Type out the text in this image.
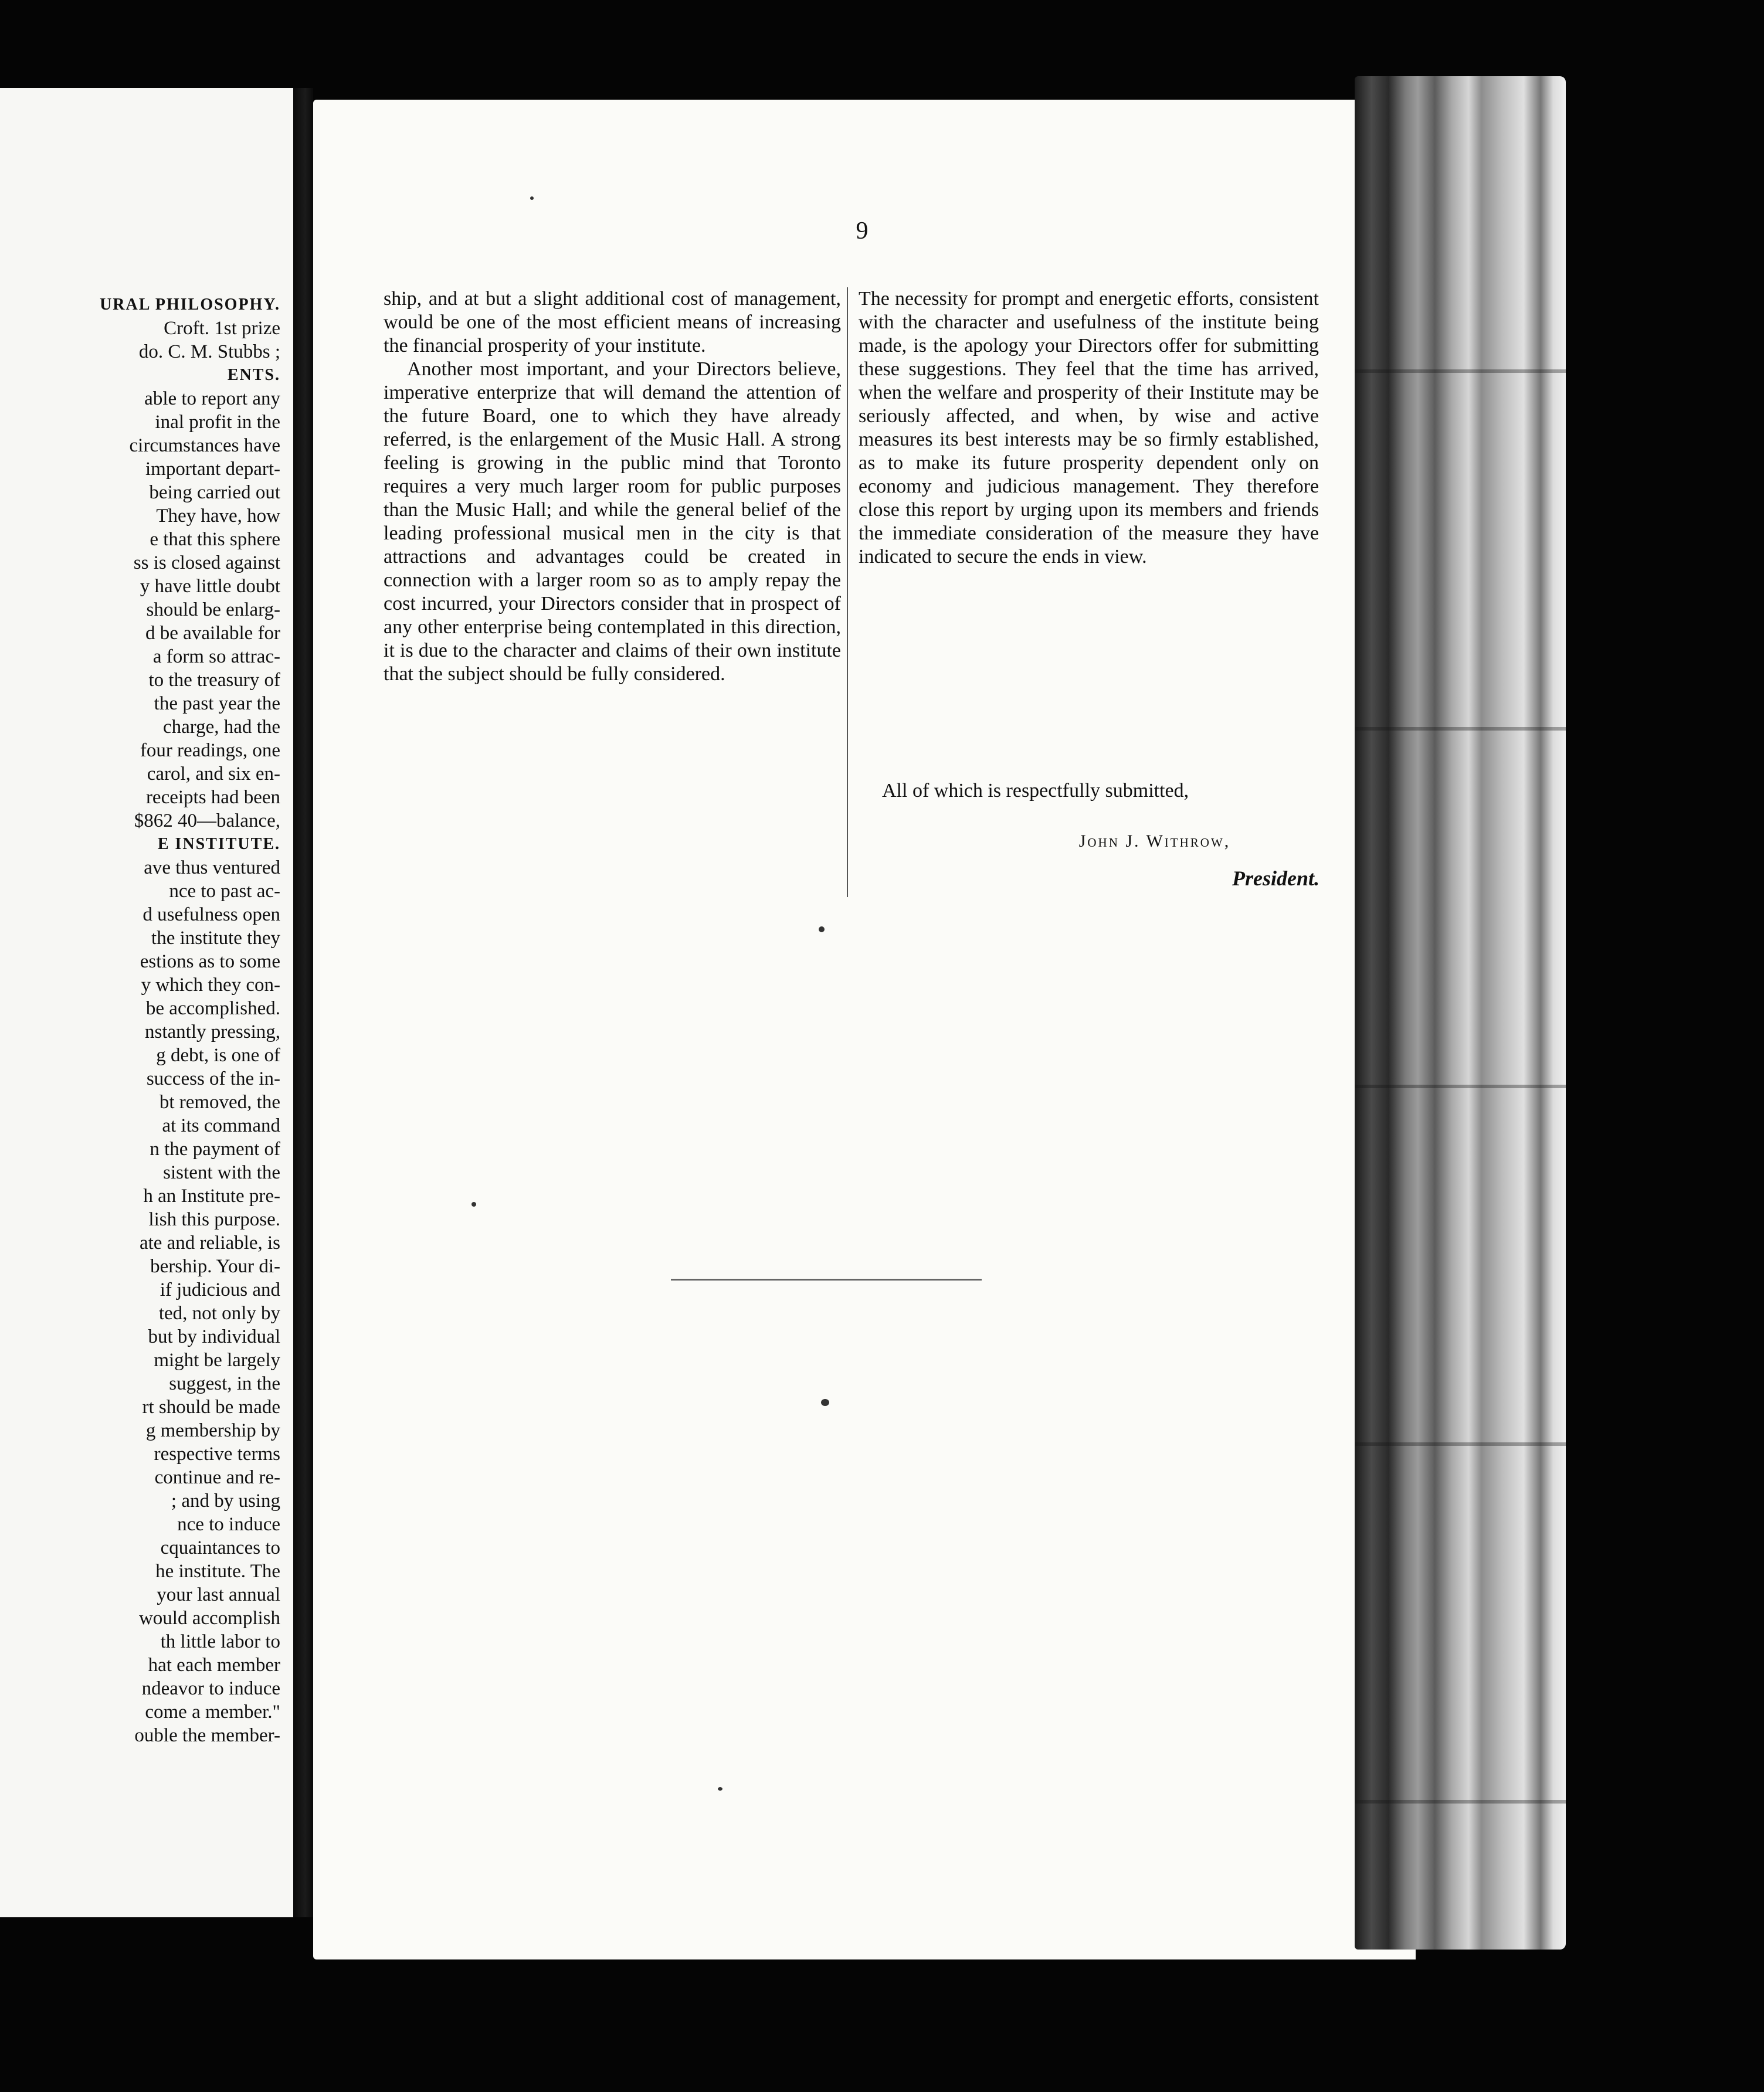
URAL PHILOSOPHY.
Croft. 1st prize
do. C. M. Stubbs ;
ENTS.
able to report any
inal profit in the
circumstances have
important depart-
being carried out
They have, how
e that this sphere
ss is closed against
y have little doubt
should be enlarg-
d be available for
a form so attrac-
to the treasury of
the past year the
charge, had the
four readings, one
carol, and six en-
receipts had been
$862 40—balance,
E INSTITUTE.
ave thus ventured
nce to past ac-
d usefulness open
the institute they
estions as to some
y which they con-
be accomplished.
nstantly pressing,
g debt, is one of
success of the in-
bt removed, the
at its command
n the payment of
sistent with the
h an Institute pre-
lish this purpose.
ate and reliable, is
bership. Your di-
if judicious and
ted, not only by
but by individual
might be largely
suggest, in the
rt should be made
g membership by
respective terms
continue and re-
; and by using
nce to induce
cquaintances to
he institute. The
your last annual
would accomplish
th little labor to
hat each member
ndeavor to induce
come a member."
ouble the member-
9

ship, and at but a slight additional cost of management, would be one of the most efficient means of increasing the financial prosperity of your institute.

Another most important, and your Directors believe, imperative enterprize that will demand the attention of the future Board, one to which they have already referred, is the enlargement of the Music Hall. A strong feeling is growing in the public mind that Toronto requires a very much larger room for public purposes than the Music Hall; and while the general belief of the leading professional musical men in the city is that attractions and advantages could be created in connection with a larger room so as to amply repay the cost incurred, your Directors consider that in prospect of any other enterprise being contemplated in this direction, it is due to the character and claims of their own institute that the subject should be fully considered.

The necessity for prompt and energetic efforts, consistent with the character and usefulness of the institute being made, is the apology your Directors offer for submitting these suggestions. They feel that the time has arrived, when the welfare and prosperity of their Institute may be seriously affected, and when, by wise and active measures its best interests may be so firmly established, as to make its future prosperity dependent only on economy and judicious management. They therefore close this report by urging upon its members and friends the immediate consideration of the measure they have indicated to secure the ends in view.

All of which is respectfully submitted,
John J. Withrow,
President.
